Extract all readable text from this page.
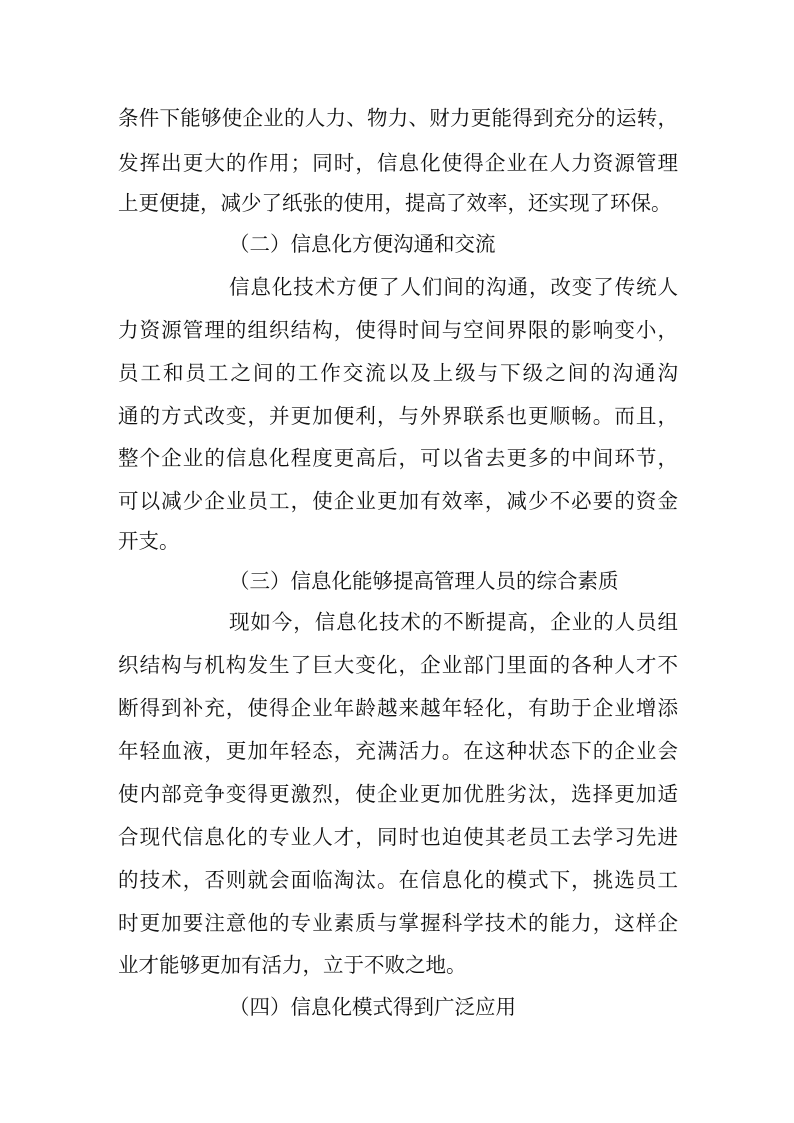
条件下能够使企业的人力、物力、财力更能得到充分的运转，
发挥出更大的作用；同时，信息化使得企业在人力资源管理
上更便捷，减少了纸张的使用，提高了效率，还实现了环保。
（二）信息化方便沟通和交流
信息化技术方便了人们间的沟通，改变了传统人
力资源管理的组织结构，使得时间与空间界限的影响变小，
员工和员工之间的工作交流以及上级与下级之间的沟通沟
通的方式改变，并更加便利，与外界联系也更顺畅。而且，
整个企业的信息化程度更高后，可以省去更多的中间环节，
可以减少企业员工，使企业更加有效率，减少不必要的资金
开支。
（三）信息化能够提高管理人员的综合素质
现如今，信息化技术的不断提高，企业的人员组
织结构与机构发生了巨大变化，企业部门里面的各种人才不
断得到补充，使得企业年龄越来越年轻化，有助于企业增添
年轻血液，更加年轻态，充满活力。在这种状态下的企业会
使内部竞争变得更激烈，使企业更加优胜劣汰，选择更加适
合现代信息化的专业人才，同时也迫使其老员工去学习先进
的技术，否则就会面临淘汰。在信息化的模式下，挑选员工
时更加要注意他的专业素质与掌握科学技术的能力，这样企
业才能够更加有活力，立于不败之地。
（四）信息化模式得到广泛应用
